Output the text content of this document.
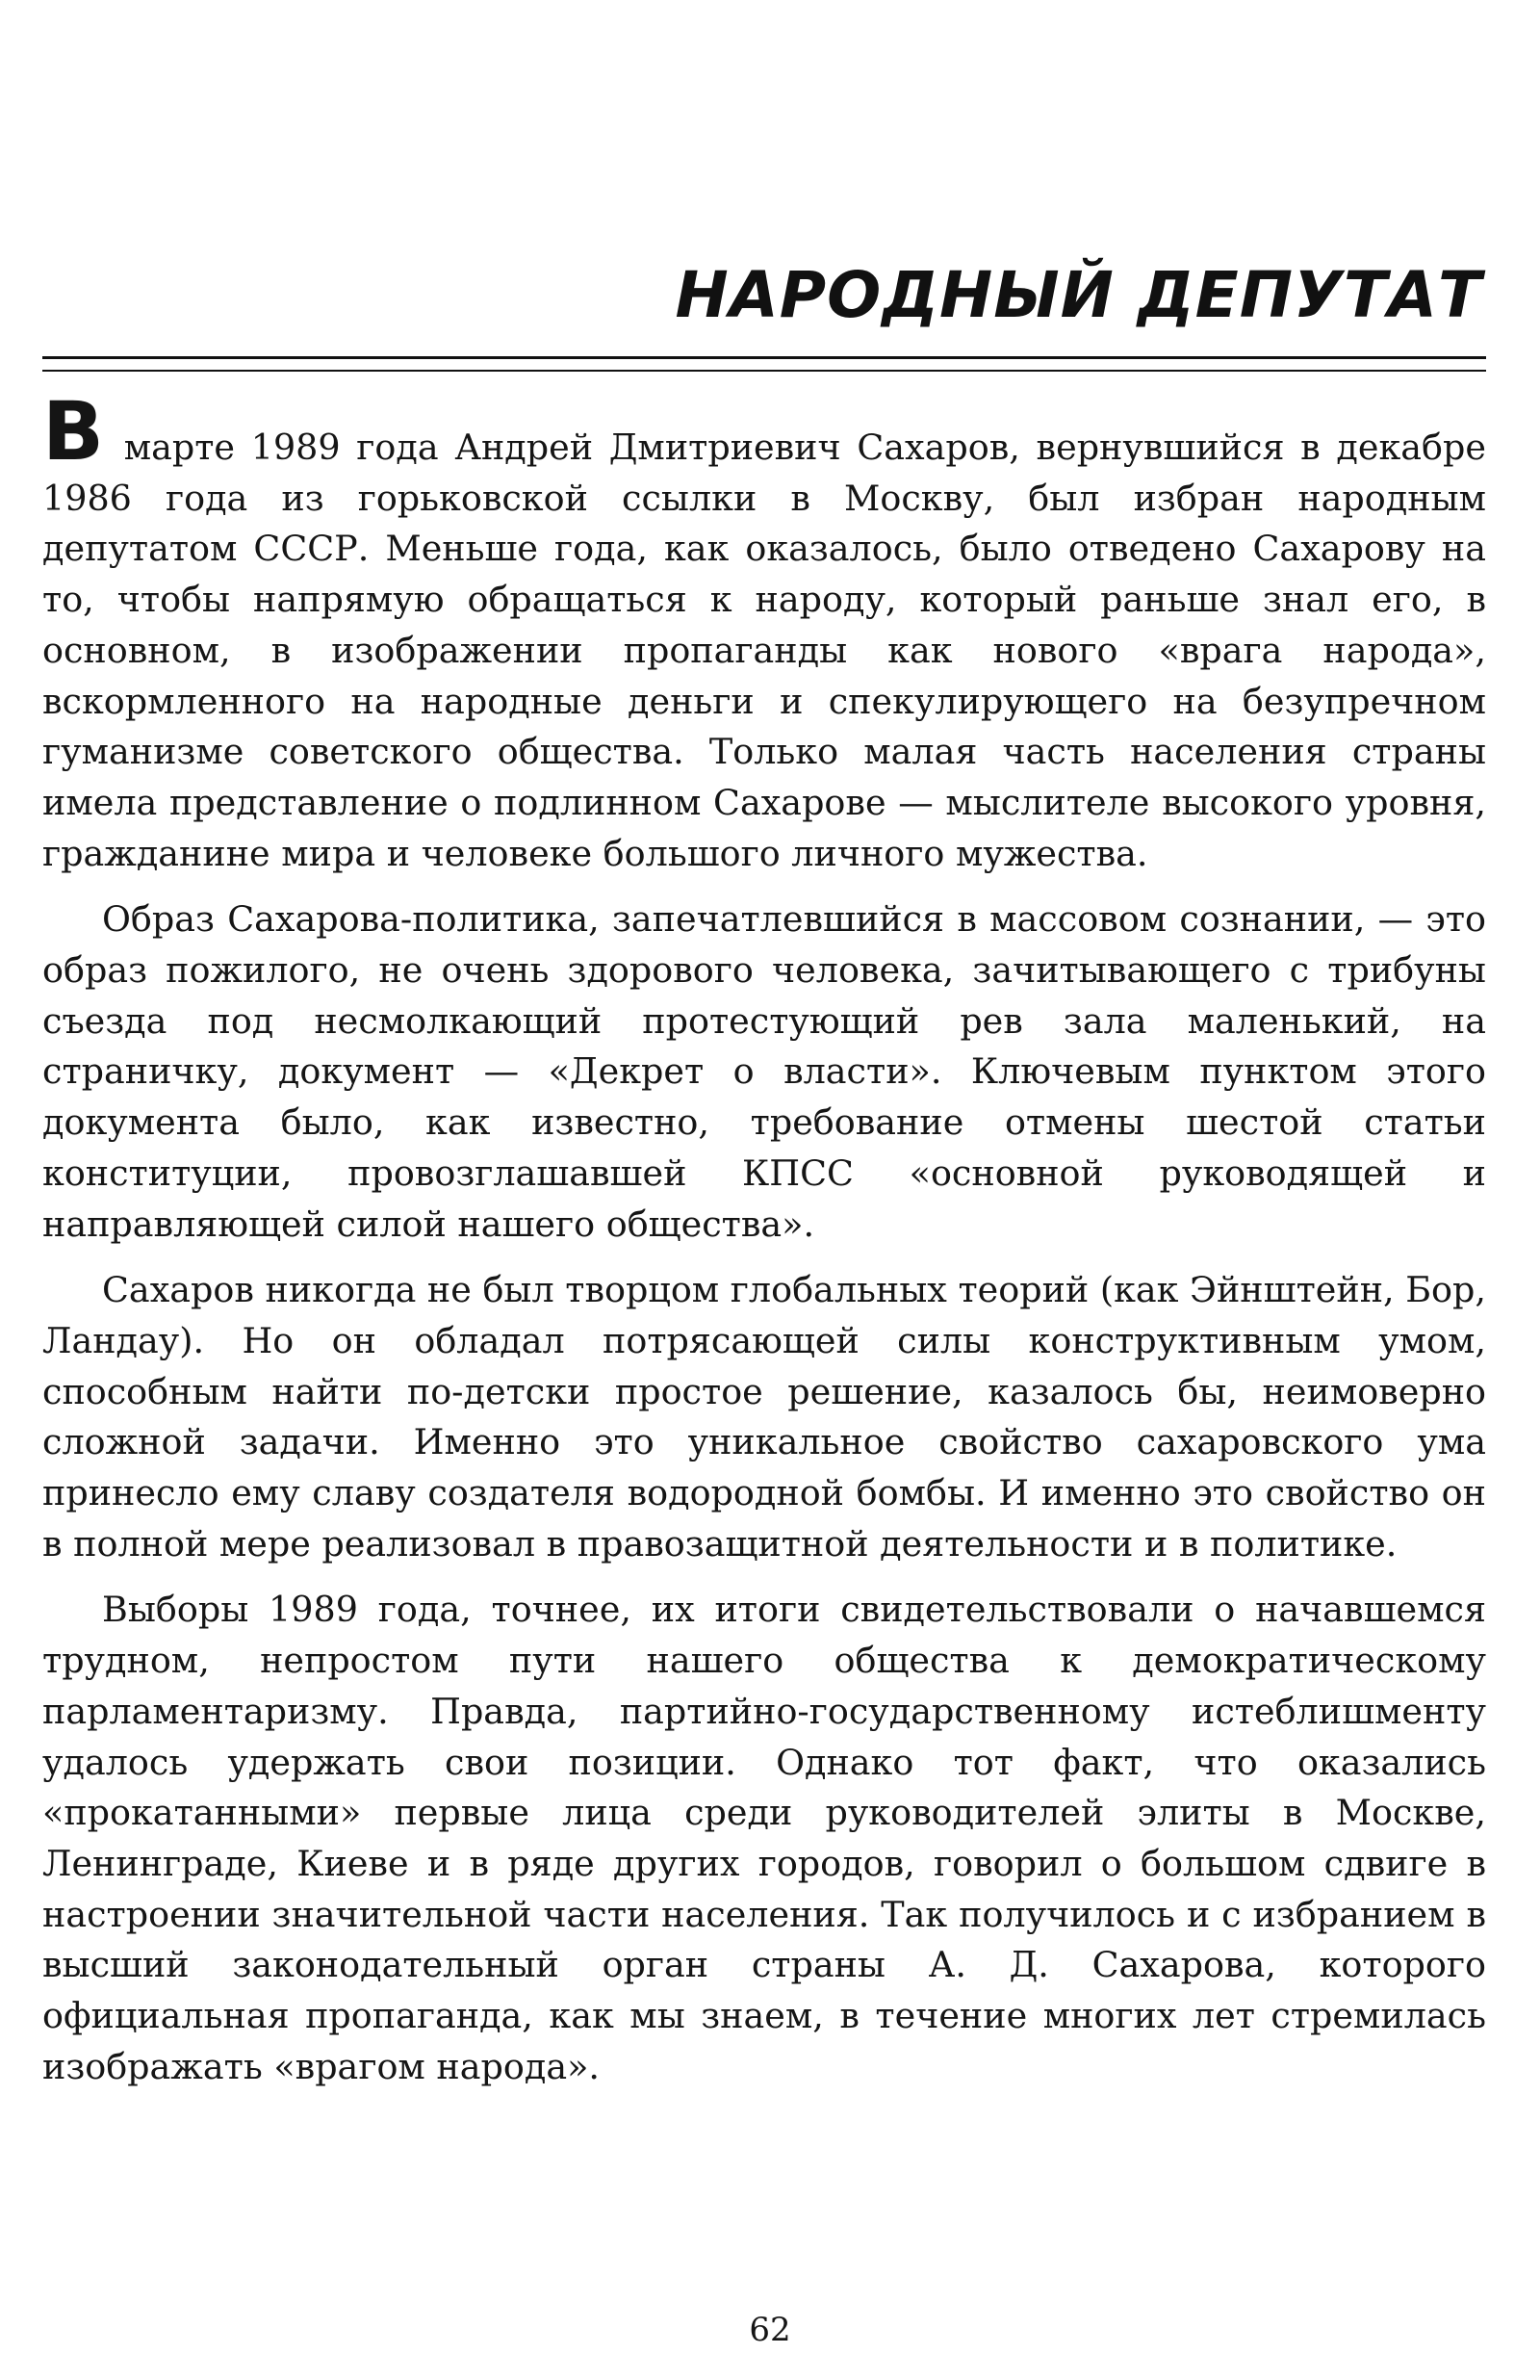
НАРОДНЫЙ ДЕПУТАТ

В марте 1989 года Андрей Дмитриевич Сахаров, вернувшийся в декабре 1986 года из горьковской ссылки в Москву, был избран народным депутатом СССР. Меньше года, как оказалось, было отведено Сахарову на то, чтобы напрямую обращаться к народу, который раньше знал его, в основном, в изображении пропаганды как нового «врага народа», вскормленного на народные деньги и спекулирующего на безупречном гуманизме советского общества. Только малая часть населения страны имела представление о подлинном Сахарове — мыслителе высокого уровня, гражданине мира и человеке большого личного мужества.

Образ Сахарова-политика, запечатлевшийся в массовом сознании, — это образ пожилого, не очень здорового человека, зачитывающего с трибуны съезда под несмолкающий протестующий рев зала маленький, на страничку, документ — «Декрет о власти». Ключевым пунктом этого документа было, как известно, требование отмены шестой статьи конституции, провозглашавшей КПСС «основной руководящей и направляющей силой нашего общества».

Сахаров никогда не был творцом глобальных теорий (как Эйнштейн, Бор, Ландау). Но он обладал потрясающей силы конструктивным умом, способным найти по-детски простое решение, казалось бы, неимоверно сложной задачи. Именно это уникальное свойство сахаровского ума принесло ему славу создателя водородной бомбы. И именно это свойство он в полной мере реализовал в правозащитной деятельности и в политике.

Выборы 1989 года, точнее, их итоги свидетельствовали о начавшемся трудном, непростом пути нашего общества к демократическому парламентаризму. Правда, партийно-государственному истеблишменту удалось удержать свои позиции. Однако тот факт, что оказались «прокатанными» первые лица среди руководителей элиты в Москве, Ленинграде, Киеве и в ряде других городов, говорил о большом сдвиге в настроении значительной части населения. Так получилось и с избранием в высший законодательный орган страны А. Д. Сахарова, которого официальная пропаганда, как мы знаем, в течение многих лет стремилась изображать «врагом народа».

62
